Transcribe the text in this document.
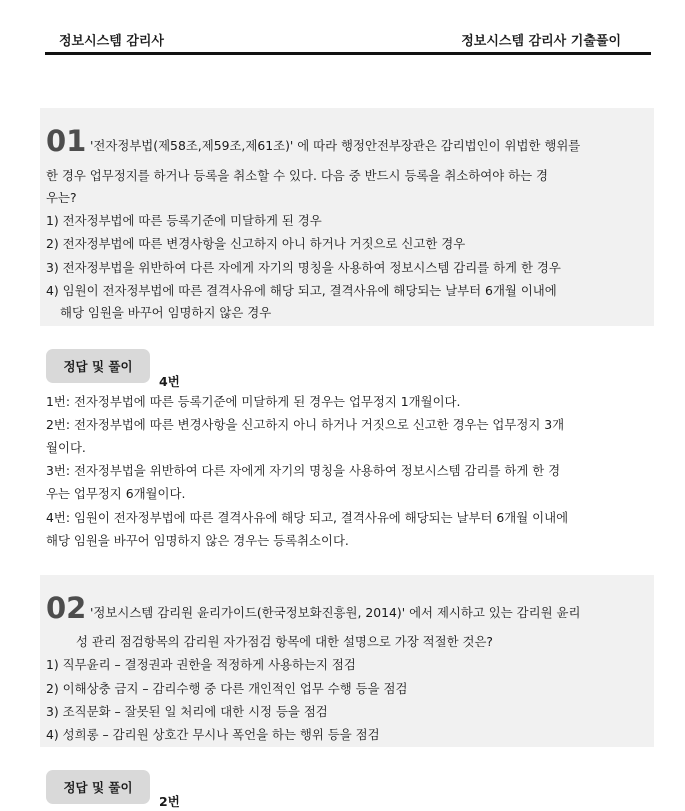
정보시스템 감리사	정보시스템 감리사 기출풀이
01 '전자정부법(제58조,제59조,제61조)' 에 따라 행정안전부장관은 감리법인이 위법한 행위를
한 경우 업무정지를 하거나 등록을 취소할 수 있다. 다음 중 반드시 등록을 취소하여야 하는 경
우는?
1) 전자정부법에 따른 등록기준에 미달하게 된 경우
2) 전자정부법에 따른 변경사항을 신고하지 아니 하거나 거짓으로 신고한 경우
3) 전자정부법을 위반하여 다른 자에게 자기의 명칭을 사용하여 정보시스템 감리를 하게 한 경우
4) 임원이 전자정부법에 따른 결격사유에 해당 되고, 결격사유에 해당되는 날부터 6개월 이내에
해당 임원을 바꾸어 임명하지 않은 경우
정답 및 풀이
4번
1번: 전자정부법에 따른 등록기준에 미달하게 된 경우는 업무정지 1개월이다.
2번: 전자정부법에 따른 변경사항을 신고하지 아니 하거나 거짓으로 신고한 경우는 업무정지 3개
월이다.
3번: 전자정부법을 위반하여 다른 자에게 자기의 명칭을 사용하여 정보시스템 감리를 하게 한 경
우는 업무정지 6개월이다.
4번: 임원이 전자정부법에 따른 결격사유에 해당 되고, 결격사유에 해당되는 날부터 6개월 이내에
해당 임원을 바꾸어 임명하지 않은 경우는 등록취소이다.
02 '정보시스템 감리원 윤리가이드(한국정보화진흥원, 2014)' 에서 제시하고 있는 감리원 윤리
성 관리 점검항목의 감리원 자가점검 항목에 대한 설명으로 가장 적절한 것은?
1) 직무윤리 – 결정권과 권한을 적정하게 사용하는지 점검
2) 이해상충 금지 – 감리수행 중 다른 개인적인 업무 수행 등을 점검
3) 조직문화 – 잘못된 일 처리에 대한 시정 등을 점검
4) 성희롱 – 감리원 상호간 무시나 폭언을 하는 행위 등을 점검
정답 및 풀이
2번
